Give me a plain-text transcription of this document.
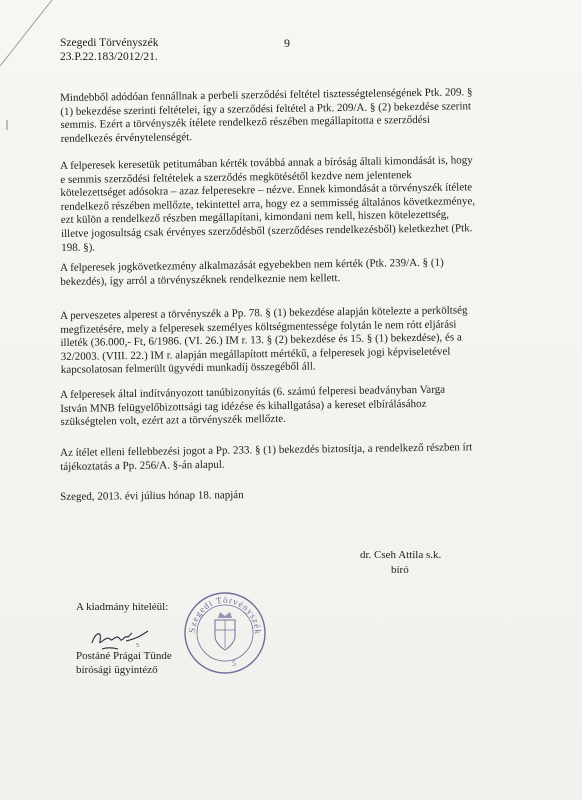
Szegedi Törvényszék
23.P.22.183/2012/21.
9
Mindebből adódóan fennállnak a perbeli szerződési feltétel tisztességtelenségének Ptk. 209. §
(1) bekezdése szerinti feltételei, így a szerződési feltétel a Ptk. 209/A. § (2) bekezdése szerint
semmis. Ezért a törvényszék ítélete rendelkező részében megállapította e szerződési
rendelkezés érvénytelenségét.
A felperesek keresetük petitumában kérték továbbá annak a bíróság általi kimondását is, hogy
e semmis szerződési feltételek a szerződés megkötésétől kezdve nem jelentenek
kötelezettséget adósokra – azaz felperesekre – nézve. Ennek kimondását a törvényszék ítélete
rendelkező részében mellőzte, tekintettel arra, hogy ez a semmisség általános következménye,
ezt külön a rendelkező részben megállapítani, kimondani nem kell, hiszen kötelezettség,
illetve jogosultság csak érvényes szerződésből (szerződéses rendelkezésből) keletkezhet (Ptk.
198. §).
A felperesek jogkövetkezmény alkalmazását egyebekben nem kérték (Ptk. 239/A. § (1)
bekezdés), így arról a törvényszéknek rendelkeznie nem kellett.
A perveszetes alperest a törvényszék a Pp. 78. § (1) bekezdése alapján kötelezte a perköltség
megfizetésére, mely a felperesek személyes költségmentessége folytán le nem rótt eljárási
illeték (36.000,- Ft, 6/1986. (VI. 26.) IM r. 13. § (2) bekezdése és 15. § (1) bekezdése), és a
32/2003. (VIII. 22.) IM r. alapján megállapított mértékű, a felperesek jogi képviseletével
kapcsolatosan felmerült ügyvédi munkadíj összegéből áll.
A felperesek által indítványozott tanúbizonyítás (6. számú felperesi beadványban Varga
István MNB felügyelőbizottsági tag idézése és kihallgatása) a kereset elbírálásához
szükségtelen volt, ezért azt a törvényszék mellőzte.
Az ítélet elleni fellebbezési jogot a Pp. 233. § (1) bekezdés biztosítja, a rendelkező részben írt
tájékoztatás a Pp. 256/A. §-án alapul.
Szeged, 2013. évi július hónap 18. napján
dr. Cseh Attila s.k.
bíró
A kiadmány hiteléül:
5
Postáné Prágai Tünde
bírósági ügyintéző
Szegedi Törvényszék
5
